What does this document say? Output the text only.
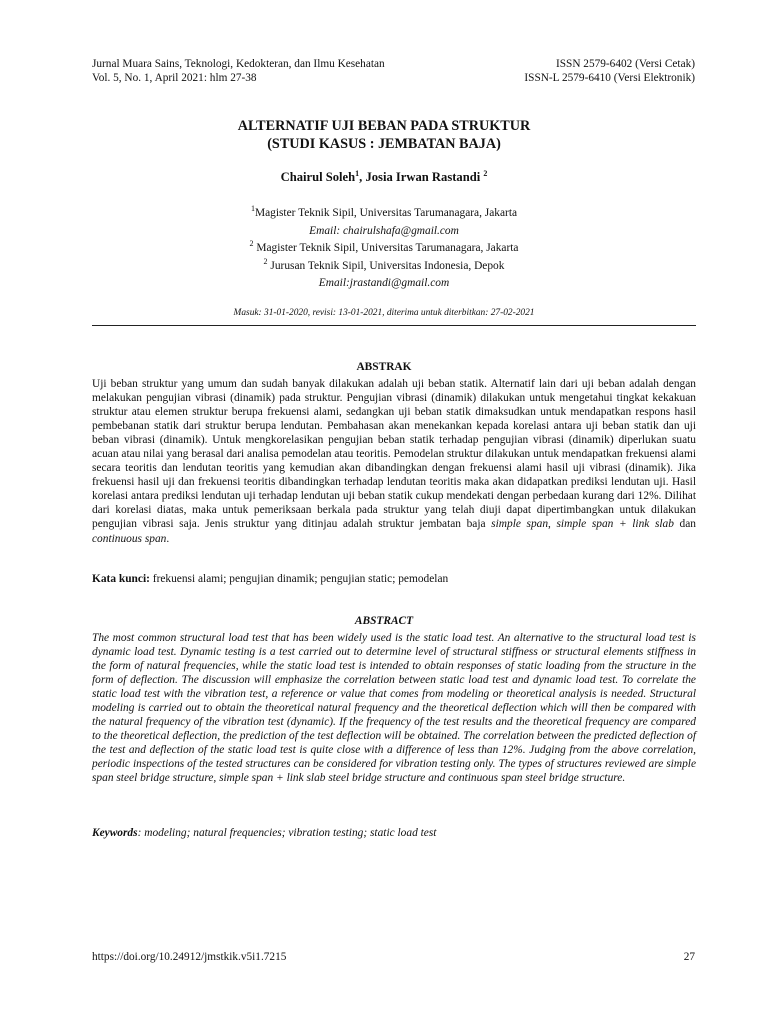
Jurnal Muara Sains, Teknologi, Kedokteran, dan Ilmu Kesehatan	ISSN 2579-6402 (Versi Cetak)
Vol. 5, No. 1, April 2021: hlm 27-38	ISSN-L 2579-6410 (Versi Elektronik)
ALTERNATIF UJI BEBAN PADA STRUKTUR
(STUDI KASUS : JEMBATAN BAJA)
Chairul Soleh$^1$, Josia Irwan Rastandi $^2$
$^1$Magister Teknik Sipil, Universitas Tarumanagara, Jakarta
Email: chairulshafa@gmail.com
$^2$ Magister Teknik Sipil, Universitas Tarumanagara, Jakarta
$^2$ Jurusan Teknik Sipil, Universitas Indonesia, Depok
Email:jrastandi@gmail.com
Masuk: 31-01-2020, revisi: 13-01-2021, diterima untuk diterbitkan: 27-02-2021
ABSTRAK
Uji beban struktur yang umum dan sudah banyak dilakukan adalah uji beban statik. Alternatif lain dari uji beban adalah dengan melakukan pengujian vibrasi (dinamik) pada struktur. Pengujian vibrasi (dinamik) dilakukan untuk mengetahui tingkat kekakuan struktur atau elemen struktur berupa frekuensi alami, sedangkan uji beban statik dimaksudkan untuk mendapatkan respons hasil pembebanan statik dari struktur berupa lendutan. Pembahasan akan menekankan kepada korelasi antara uji beban statik dan uji beban vibrasi (dinamik). Untuk mengkorelasikan pengujian beban statik terhadap pengujian vibrasi (dinamik) diperlukan suatu acuan atau nilai yang berasal dari analisa pemodelan atau teoritis. Pemodelan struktur dilakukan untuk mendapatkan frekuensi alami secara teoritis dan lendutan teoritis yang kemudian akan dibandingkan dengan frekuensi alami hasil uji vibrasi (dinamik). Jika frekuensi hasil uji dan frekuensi teoritis dibandingkan terhadap lendutan teoritis maka akan didapatkan prediksi lendutan uji. Hasil korelasi antara prediksi lendutan uji terhadap lendutan uji beban statik cukup mendekati dengan perbedaan kurang dari 12%. Dilihat dari korelasi diatas, maka untuk pemeriksaan berkala pada struktur yang telah diuji dapat dipertimbangkan untuk dilakukan pengujian vibrasi saja. Jenis struktur yang ditinjau adalah struktur jembatan baja simple span, simple span + link slab dan continuous span.
Kata kunci: frekuensi alami; pengujian dinamik; pengujian static; pemodelan
ABSTRACT
The most common structural load test that has been widely used is the static load test. An alternative to the structural load test is dynamic load test. Dynamic testing is a test carried out to determine level of structural stiffness or structural elements stiffness in the form of natural frequencies, while the static load test is intended to obtain responses of static loading from the structure in the form of deflection. The discussion will emphasize the correlation between static load test and dynamic load test. To correlate the static load test with the vibration test, a reference or value that comes from modeling or theoretical analysis is needed. Structural modeling is carried out to obtain the theoretical natural frequency and the theoretical deflection which will then be compared with the natural frequency of the vibration test (dynamic). If the frequency of the test results and the theoretical frequency are compared to the theoretical deflection, the prediction of the test deflection will be obtained. The correlation between the predicted deflection of the test and deflection of the static load test is quite close with a difference of less than 12%. Judging from the above correlation, periodic inspections of the tested structures can be considered for vibration testing only. The types of structures reviewed are simple span steel bridge structure, simple span + link slab steel bridge structure and continuous span steel bridge structure.
Keywords: modeling; natural frequencies; vibration testing; static load test
https://doi.org/10.24912/jmstkik.v5i1.7215	27
